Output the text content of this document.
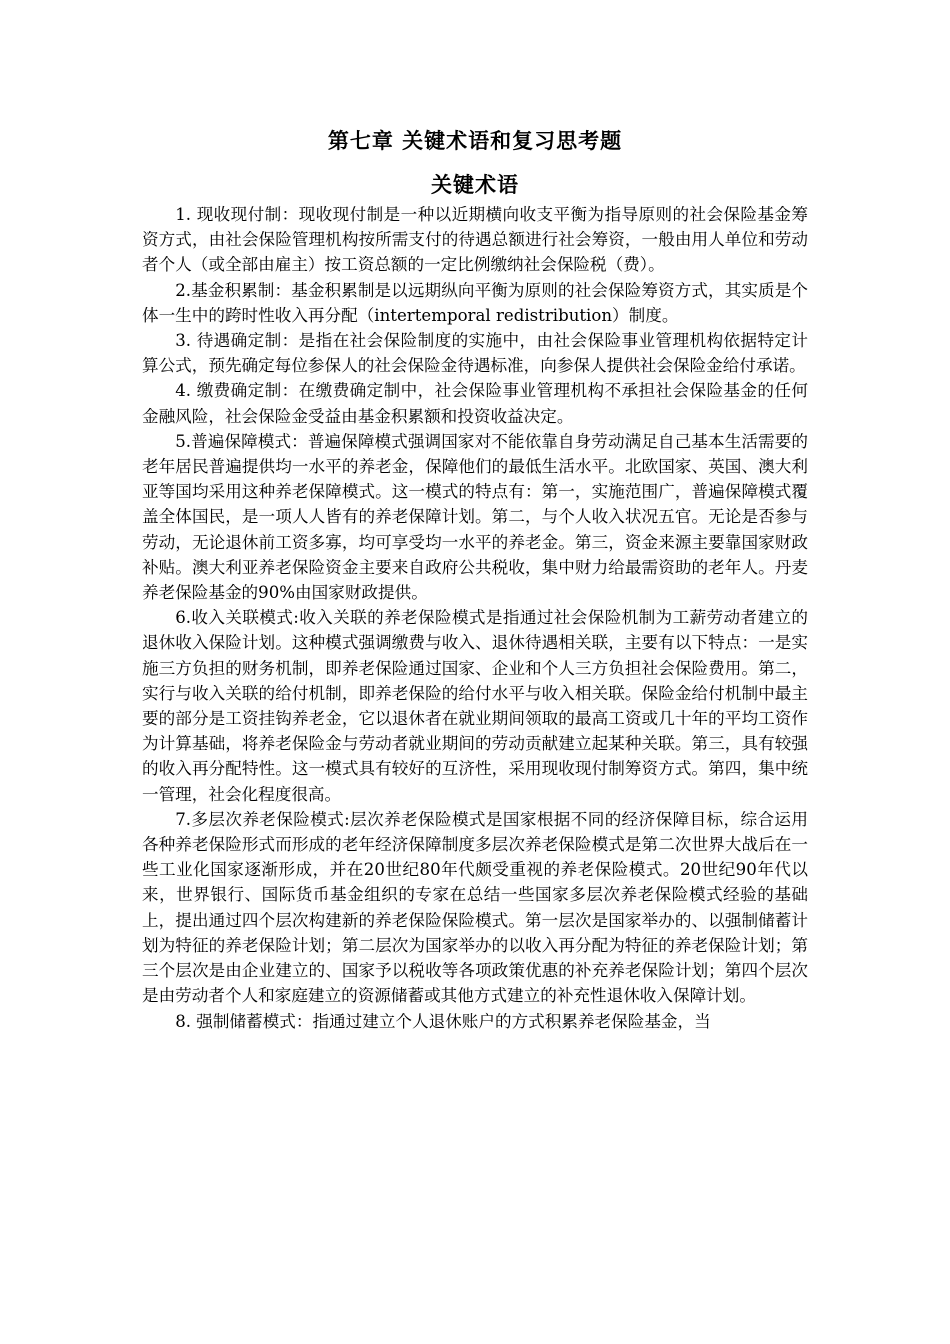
第七章 关键术语和复习思考题
关键术语

1. 现收现付制：现收现付制是一种以近期横向收支平衡为指导原则的社会保险基金筹资方式，由社会保险管理机构按所需支付的待遇总额进行社会筹资，一般由用人单位和劳动者个人（或全部由雇主）按工资总额的一定比例缴纳社会保险税（费）。

2.基金积累制：基金积累制是以远期纵向平衡为原则的社会保险筹资方式，其实质是个体一生中的跨时性收入再分配（intertemporal redistribution）制度。

3. 待遇确定制：是指在社会保险制度的实施中，由社会保险事业管理机构依据特定计算公式，预先确定每位参保人的社会保险金待遇标准，向参保人提供社会保险金给付承诺。

4. 缴费确定制：在缴费确定制中，社会保险事业管理机构不承担社会保险基金的任何金融风险，社会保险金受益由基金积累额和投资收益决定。

5.普遍保障模式：普遍保障模式强调国家对不能依靠自身劳动满足自己基本生活需要的老年居民普遍提供均一水平的养老金，保障他们的最低生活水平。北欧国家、英国、澳大利亚等国均采用这种养老保障模式。这一模式的特点有：第一，实施范围广，普遍保障模式覆盖全体国民，是一项人人皆有的养老保障计划。第二，与个人收入状况五官。无论是否参与劳动，无论退休前工资多寡，均可享受均一水平的养老金。第三，资金来源主要靠国家财政补贴。澳大利亚养老保险资金主要来自政府公共税收，集中财力给最需资助的老年人。丹麦养老保险基金的90%由国家财政提供。

6.收入关联模式:收入关联的养老保险模式是指通过社会保险机制为工薪劳动者建立的退休收入保险计划。这种模式强调缴费与收入、退休待遇相关联，主要有以下特点：一是实施三方负担的财务机制，即养老保险通过国家、企业和个人三方负担社会保险费用。第二，实行与收入关联的给付机制，即养老保险的给付水平与收入相关联。保险金给付机制中最主要的部分是工资挂钩养老金，它以退休者在就业期间领取的最高工资或几十年的平均工资作为计算基础，将养老保险金与劳动者就业期间的劳动贡献建立起某种关联。第三，具有较强的收入再分配特性。这一模式具有较好的互济性，采用现收现付制筹资方式。第四，集中统一管理，社会化程度很高。

7.多层次养老保险模式:层次养老保险模式是国家根据不同的经济保障目标，综合运用各种养老保险形式而形成的老年经济保障制度多层次养老保险模式是第二次世界大战后在一些工业化国家逐渐形成，并在20世纪80年代颇受重视的养老保险模式。20世纪90年代以来，世界银行、国际货币基金组织的专家在总结一些国家多层次养老保险模式经验的基础上，提出通过四个层次构建新的养老保险保险模式。第一层次是国家举办的、以强制储蓄计划为特征的养老保险计划；第二层次为国家举办的以收入再分配为特征的养老保险计划；第三个层次是由企业建立的、国家予以税收等各项政策优惠的补充养老保险计划；第四个层次是由劳动者个人和家庭建立的资源储蓄或其他方式建立的补充性退休收入保障计划。

8. 强制储蓄模式：指通过建立个人退休账户的方式积累养老保险基金，当
